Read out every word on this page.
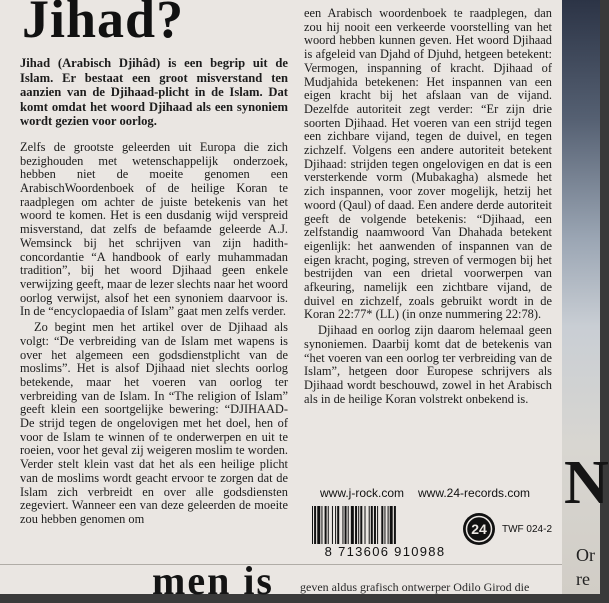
Jihad?

Jihad (Arabisch Djihâd) is een begrip uit de Islam. Er bestaat een groot misverstand ten aanzien van de Djihaad-plicht in de Islam. Dat komt omdat het woord Djihaad als een synoniem wordt gezien voor oorlog.

Zelfs de grootste geleerden uit Europa die zich bezighouden met wetenschappelijk onderzoek, hebben niet de moeite genomen een ArabischWoordenboek of de heilige Koran te raadplegen om achter de juiste betekenis van het woord te komen. Het is een dusdanig wijd verspreid misverstand, dat zelfs de befaamde geleerde A.J. Wemsinck bij het schrijven van zijn hadith-concordantie “A handbook of early muhammadan tradition”, bij het woord Djihaad geen enkele verwijzing geeft, maar de lezer slechts naar het woord oorlog verwijst, alsof het een synoniem daarvoor is. In de “encyclopaedia of Islam” gaat men zelfs verder.

Zo begint men het artikel over de Djihaad als volgt: “De verbreiding van de Islam met wapens is over het algemeen een godsdienstplicht van de moslims”. Het is alsof Djihaad niet slechts oorlog betekende, maar het voeren van oorlog ter verbreiding van de Islam. In “The religion of Islam” geeft klein een soortgelijke bewering: “DJIHAAD- De strijd tegen de ongelovigen met het doel, hen of voor de Islam te winnen of te onderwerpen en uit te roeien, voor het geval zij weigeren moslim te worden. Verder stelt klein vast dat het als een heilige plicht van de moslims wordt geacht ervoor te zorgen dat de Islam zich verbreidt en over alle godsdiensten zegeviert. Wanneer een van deze geleerden de moeite zou hebben genomen om

een Arabisch woordenboek te raadplegen, dan zou hij nooit een verkeerde voorstelling van het woord hebben kunnen geven. Het woord Djihaad is afgeleid van Djahd of Djuhd, hetgeen betekent: Vermogen, inspanning of kracht. Djihaad of Mudjahida betekenen: Het inspannen van een eigen kracht bij het afslaan van de vijand. Dezelfde autoriteit zegt verder: “Er zijn drie soorten Djihaad. Het voeren van een strijd tegen een zichbare vijand, tegen de duivel, en tegen zichzelf. Volgens een andere autoriteit betekent Djihaad: strijden tegen ongelovigen en dat is een versterkende vorm (Mubakagha) alsmede het zich inspannen, voor zover mogelijk, hetzij het woord (Qaul) of daad. Een andere derde autoriteit geeft de volgende betekenis: “Djihaad, een zelfstandig naamwoord Van Dhahada betekent eigenlijk: het aanwenden of inspannen van de eigen kracht, poging, streven of vermogen bij het bestrijden van een drietal voorwerpen van afkeuring, namelijk een zichtbare vijand, de duivel en zichzelf, zoals gebruikt wordt in de Koran 22:77* (LL) (in onze nummering 22:78).

Djihaad en oorlog zijn daarom helemaal geen synoniemen. Daarbij komt dat de betekenis van “het voeren van een oorlog ter verbreiding van de Islam”, hetgeen door Europese schrijvers als Djihaad wordt beschouwd, zowel in het Arabisch als in de heilige Koran volstrekt onbekend is.

www.j-rock.com www.24-records.com
8 713606 910988
24 TWF 024-2
men is geven aldus grafisch ontwerper Odilo Girod die
N
Or
re
